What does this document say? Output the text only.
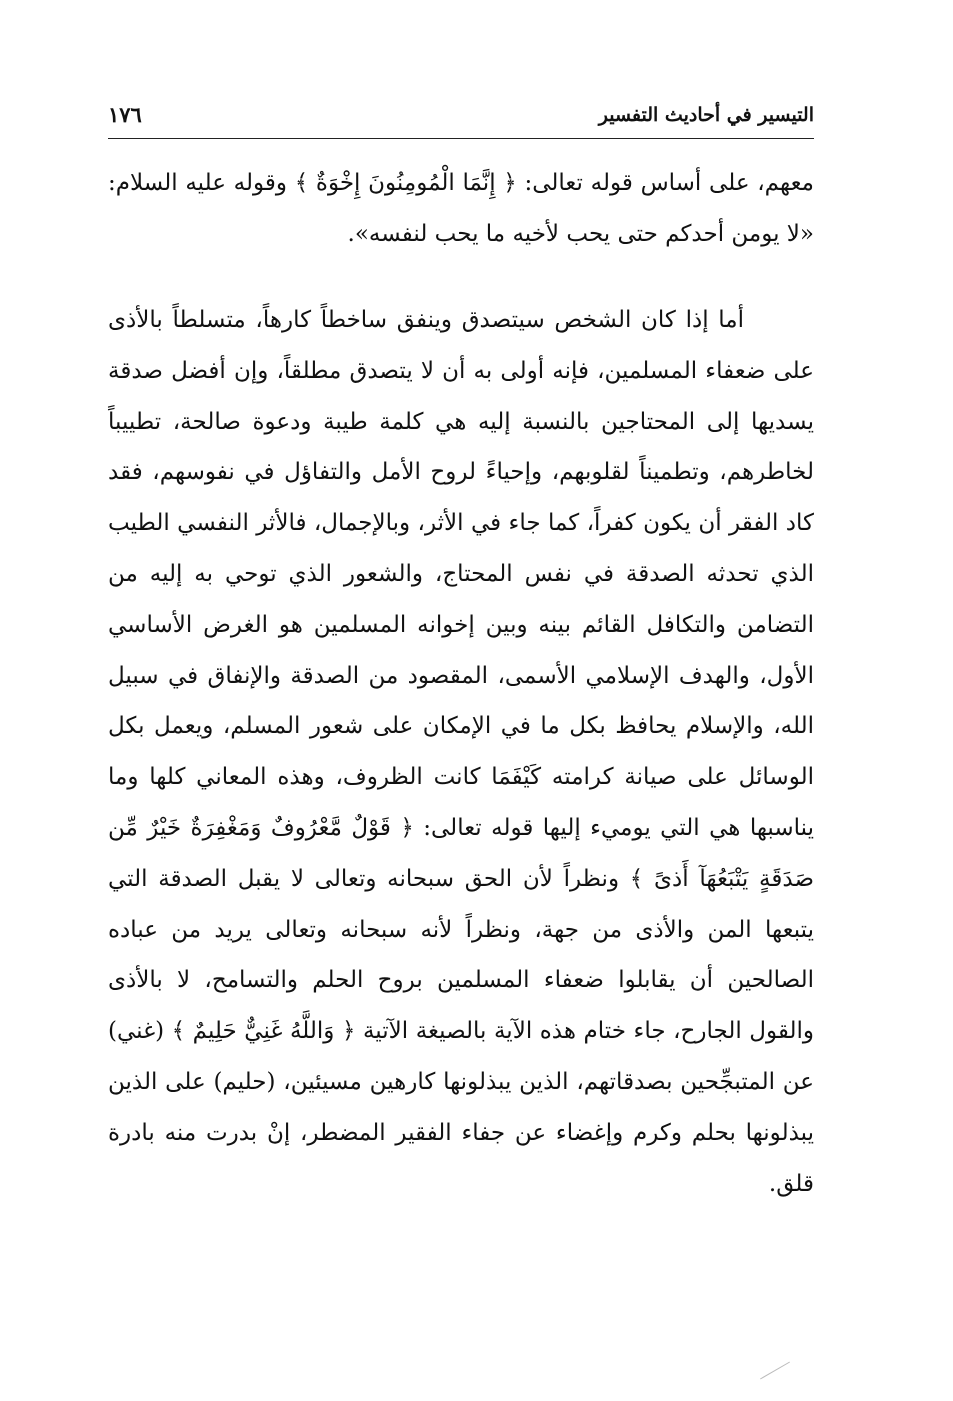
التيسير في أحاديث التفسير
١٧٦
معهم، على أساس قوله تعالى: ﴿ إِنَّمَا الْمُومِنُونَ إِخْوَةٌ ﴾ وقوله عليه السلام: «لا يومن أحدكم حتى يحب لأخيه ما يحب لنفسه».
أما إذا كان الشخص سيتصدق وينفق ساخطاً كارهاً، متسلطاً بالأذى على ضعفاء المسلمين، فإنه أولى به أن لا يتصدق مطلقاً، وإن أفضل صدقة يسديها إلى المحتاجين بالنسبة إليه هي كلمة طيبة ودعوة صالحة، تطييباً لخاطرهم، وتطميناً لقلوبهم، وإحياءً لروح الأمل والتفاؤل في نفوسهم، فقد كاد الفقر أن يكون كفراً، كما جاء في الأثر، وبالإجمال، فالأثر النفسي الطيب الذي تحدثه الصدقة في نفس المحتاج، والشعور الذي توحي به إليه من التضامن والتكافل القائم بينه وبين إخوانه المسلمين هو الغرض الأساسي الأول، والهدف الإسلامي الأسمى، المقصود من الصدقة والإنفاق في سبيل الله، والإسلام يحافظ بكل ما في الإمكان على شعور المسلم، ويعمل بكل الوسائل على صيانة كرامته كَيْفَمَا كانت الظروف، وهذه المعاني كلها وما يناسبها هي التي يوميء إليها قوله تعالى: ﴿ قَوْلٌ مَّعْرُوفٌ وَمَغْفِرَةٌ خَيْرٌ مِّن صَدَقَةٍ يَتْبَعُهَآ أَذىً ﴾ ونظراً لأن الحق سبحانه وتعالى لا يقبل الصدقة التي يتبعها المن والأذى من جهة، ونظراً لأنه سبحانه وتعالى يريد من عباده الصالحين أن يقابلوا ضعفاء المسلمين بروح الحلم والتسامح، لا بالأذى والقول الجارح، جاء ختام هذه الآية بالصيغة الآتية ﴿ وَاللَّهُ غَنِيٌّ حَلِيمٌ ﴾ (غني) عن المتبجِّحين بصدقاتهم، الذين يبذلونها كارهين مسيئين، (حليم) على الذين يبذلونها بحلم وكرم وإغضاء عن جفاء الفقير المضطر، إنْ بدرت منه بادرة قلق.
